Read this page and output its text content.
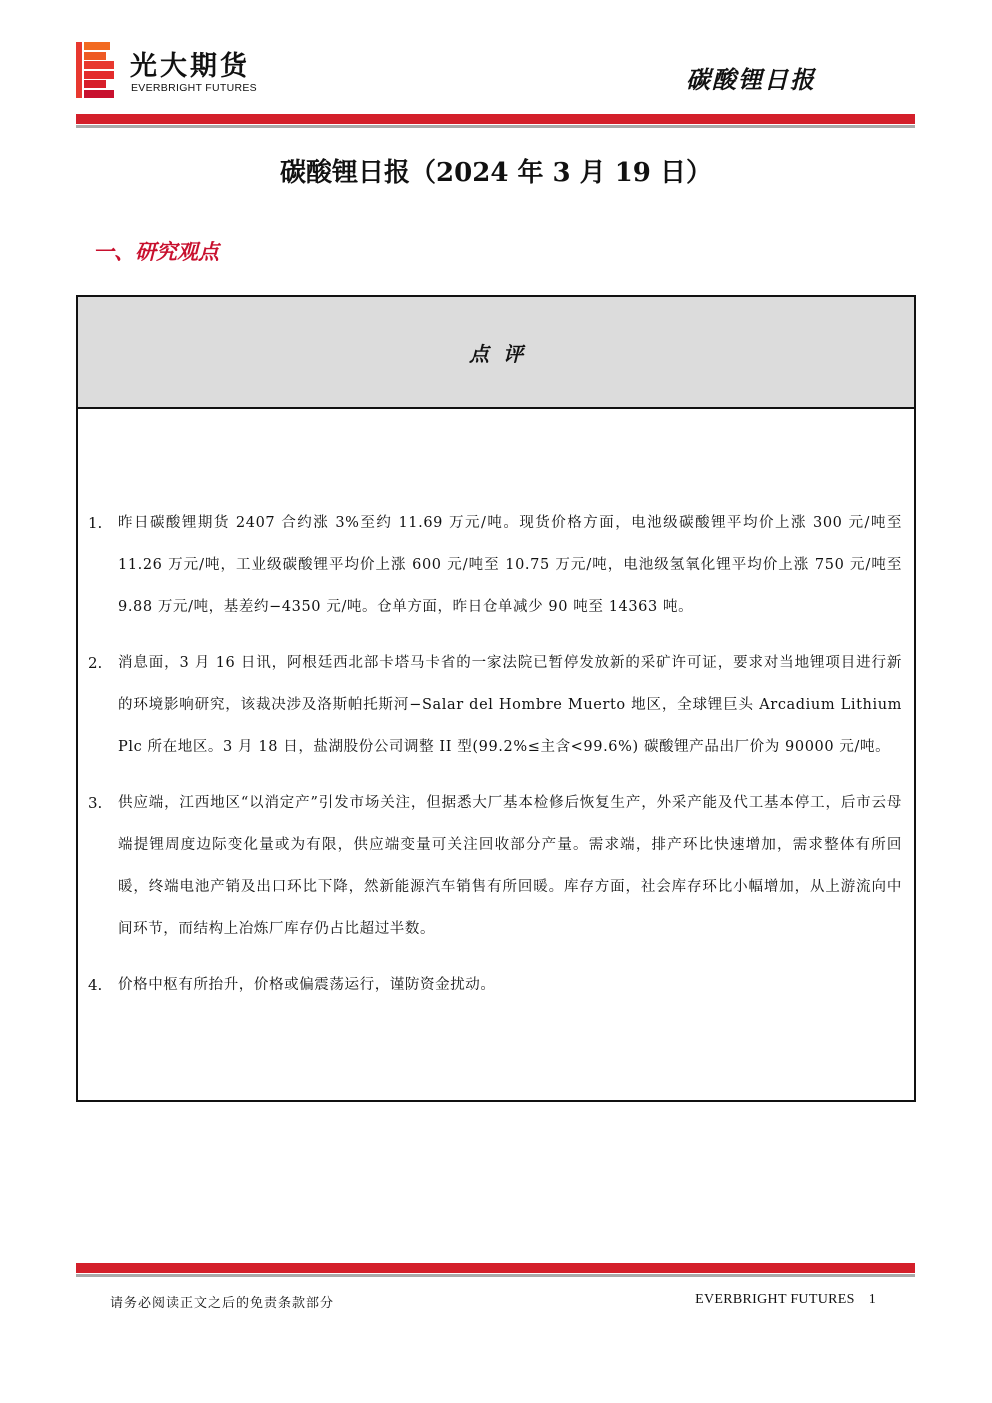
光大期货
EVERBRIGHT FUTURES	碳酸锂日报
碳酸锂日报（2024 年 3 月 19 日）
一、研究观点
点评
1. 昨日碳酸锂期货 2407 合约涨 3%至约 11.69 万元/吨。现货价格方面，电池级碳酸锂平均价上涨 300 元/吨至 11.26 万元/吨，工业级碳酸锂平均价上涨 600 元/吨至 10.75 万元/吨，电池级氢氧化锂平均价上涨 750 元/吨至 9.88 万元/吨，基差约−4350 元/吨。仓单方面，昨日仓单减少 90 吨至 14363 吨。
2. 消息面，3 月 16 日讯，阿根廷西北部卡塔马卡省的一家法院已暂停发放新的采矿许可证，要求对当地锂项目进行新的环境影响研究，该裁决涉及洛斯帕托斯河−Salar del Hombre Muerto 地区，全球锂巨头 Arcadium Lithium Plc 所在地区。3 月 18 日，盐湖股份公司调整 II 型(99.2%≤主含<99.6%) 碳酸锂产品出厂价为 90000 元/吨。
3. 供应端，江西地区“以消定产”引发市场关注，但据悉大厂基本检修后恢复生产，外采产能及代工基本停工，后市云母端提锂周度边际变化量或为有限，供应端变量可关注回收部分产量。需求端，排产环比快速增加，需求整体有所回暖，终端电池产销及出口环比下降，然新能源汽车销售有所回暖。库存方面，社会库存环比小幅增加，从上游流向中间环节，而结构上冶炼厂库存仍占比超过半数。
4. 价格中枢有所抬升，价格或偏震荡运行，谨防资金扰动。
请务必阅读正文之后的免责条款部分	EVERBRIGHT FUTURES 1
